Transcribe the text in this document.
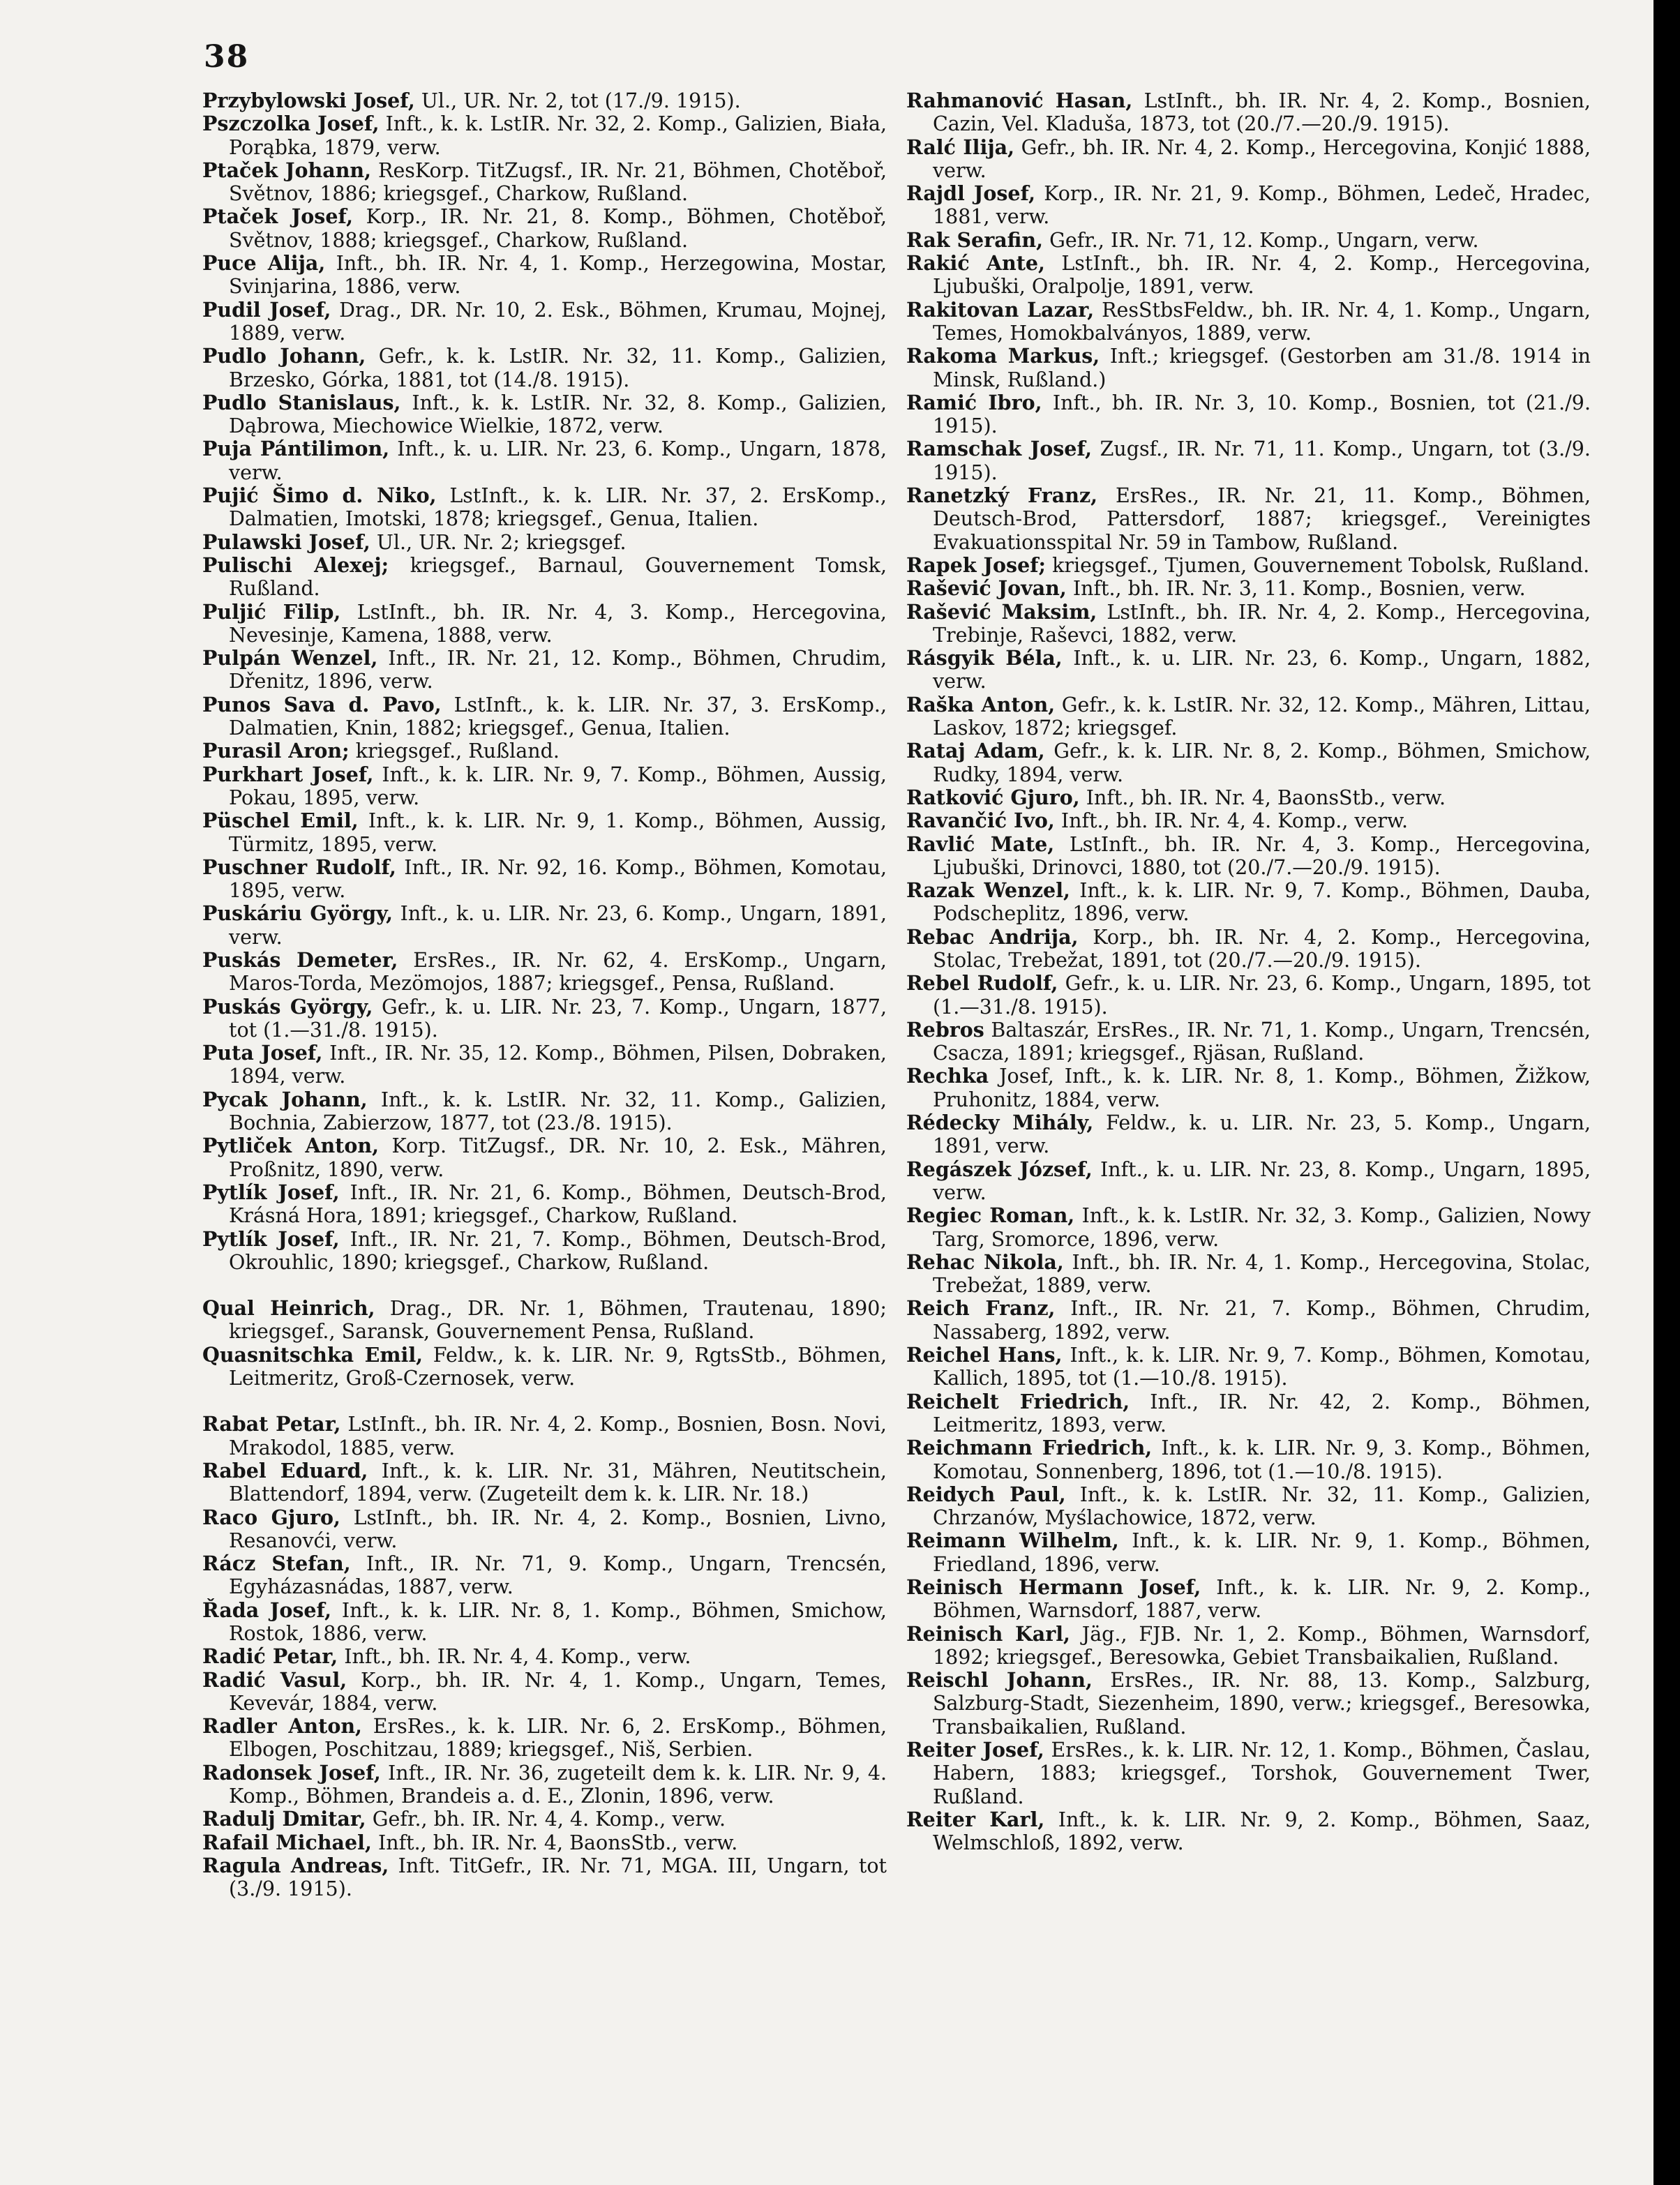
38

Przybylowski Josef, Ul., UR. Nr. 2, tot (17./9. 1915).

Pszczolka Josef, Inft., k. k. LstIR. Nr. 32, 2. Komp., Galizien, Biała, Porąbka, 1879, verw.

Ptaček Johann, ResKorp. TitZugsf., IR. Nr. 21, Böhmen, Chotěboř, Světnov, 1886; kriegsgef., Charkow, Rußland.

Ptaček Josef, Korp., IR. Nr. 21, 8. Komp., Böhmen, Chotěboř, Světnov, 1888; kriegsgef., Charkow, Rußland.

Puce Alija, Inft., bh. IR. Nr. 4, 1. Komp., Herzegowina, Mostar, Svinjarina, 1886, verw.

Pudil Josef, Drag., DR. Nr. 10, 2. Esk., Böhmen, Krumau, Mojnej, 1889, verw.

Pudlo Johann, Gefr., k. k. LstIR. Nr. 32, 11. Komp., Galizien, Brzesko, Górka, 1881, tot (14./8. 1915).

Pudlo Stanislaus, Inft., k. k. LstIR. Nr. 32, 8. Komp., Galizien, Dąbrowa, Miechowice Wielkie, 1872, verw.

Puja Pántilimon, Inft., k. u. LIR. Nr. 23, 6. Komp., Ungarn, 1878, verw.

Pujić Šimo d. Niko, LstInft., k. k. LIR. Nr. 37, 2. ErsKomp., Dalmatien, Imotski, 1878; kriegsgef., Genua, Italien.

Pulawski Josef, Ul., UR. Nr. 2; kriegsgef.

Pulischi Alexej; kriegsgef., Barnaul, Gouvernement Tomsk, Rußland.

Puljić Filip, LstInft., bh. IR. Nr. 4, 3. Komp., Hercegovina, Nevesinje, Kamena, 1888, verw.

Pulpán Wenzel, Inft., IR. Nr. 21, 12. Komp., Böhmen, Chrudim, Dřenitz, 1896, verw.

Punos Sava d. Pavo, LstInft., k. k. LIR. Nr. 37, 3. ErsKomp., Dalmatien, Knin, 1882; kriegsgef., Genua, Italien.

Purasil Aron; kriegsgef., Rußland.

Purkhart Josef, Inft., k. k. LIR. Nr. 9, 7. Komp., Böhmen, Aussig, Pokau, 1895, verw.

Püschel Emil, Inft., k. k. LIR. Nr. 9, 1. Komp., Böhmen, Aussig, Türmitz, 1895, verw.

Puschner Rudolf, Inft., IR. Nr. 92, 16. Komp., Böhmen, Komotau, 1895, verw.

Puskáriu György, Inft., k. u. LIR. Nr. 23, 6. Komp., Ungarn, 1891, verw.

Puskás Demeter, ErsRes., IR. Nr. 62, 4. ErsKomp., Ungarn, Maros-Torda, Mezömojos, 1887; kriegsgef., Pensa, Rußland.

Puskás György, Gefr., k. u. LIR. Nr. 23, 7. Komp., Ungarn, 1877, tot (1.—31./8. 1915).

Puta Josef, Inft., IR. Nr. 35, 12. Komp., Böhmen, Pilsen, Dobraken, 1894, verw.

Pycak Johann, Inft., k. k. LstIR. Nr. 32, 11. Komp., Galizien, Bochnia, Zabierzow, 1877, tot (23./8. 1915).

Pytliček Anton, Korp. TitZugsf., DR. Nr. 10, 2. Esk., Mähren, Proßnitz, 1890, verw.

Pytlík Josef, Inft., IR. Nr. 21, 6. Komp., Böhmen, Deutsch-Brod, Krásná Hora, 1891; kriegsgef., Charkow, Rußland.

Pytlík Josef, Inft., IR. Nr. 21, 7. Komp., Böhmen, Deutsch-Brod, Okrouhlic, 1890; kriegsgef., Charkow, Rußland.

Qual Heinrich, Drag., DR. Nr. 1, Böhmen, Trautenau, 1890; kriegsgef., Saransk, Gouvernement Pensa, Rußland.

Quasnitschka Emil, Feldw., k. k. LIR. Nr. 9, RgtsStb., Böhmen, Leitmeritz, Groß-Czernosek, verw.

Rabat Petar, LstInft., bh. IR. Nr. 4, 2. Komp., Bosnien, Bosn. Novi, Mrakodol, 1885, verw.

Rabel Eduard, Inft., k. k. LIR. Nr. 31, Mähren, Neutitschein, Blattendorf, 1894, verw. (Zugeteilt dem k. k. LIR. Nr. 18.)

Raco Gjuro, LstInft., bh. IR. Nr. 4, 2. Komp., Bosnien, Livno, Resanovći, verw.

Rácz Stefan, Inft., IR. Nr. 71, 9. Komp., Ungarn, Trencsén, Egyházasnádas, 1887, verw.

Řada Josef, Inft., k. k. LIR. Nr. 8, 1. Komp., Böhmen, Smichow, Rostok, 1886, verw.

Radić Petar, Inft., bh. IR. Nr. 4, 4. Komp., verw.

Radić Vasul, Korp., bh. IR. Nr. 4, 1. Komp., Ungarn, Temes, Kevevár, 1884, verw.

Radler Anton, ErsRes., k. k. LIR. Nr. 6, 2. ErsKomp., Böhmen, Elbogen, Poschitzau, 1889; kriegsgef., Niš, Serbien.

Radonsek Josef, Inft., IR. Nr. 36, zugeteilt dem k. k. LIR. Nr. 9, 4. Komp., Böhmen, Brandeis a. d. E., Zlonin, 1896, verw.

Radulj Dmitar, Gefr., bh. IR. Nr. 4, 4. Komp., verw.

Rafail Michael, Inft., bh. IR. Nr. 4, BaonsStb., verw.

Ragula Andreas, Inft. TitGefr., IR. Nr. 71, MGA. III, Ungarn, tot (3./9. 1915).

Rahmanović Hasan, LstInft., bh. IR. Nr. 4, 2. Komp., Bosnien, Cazin, Vel. Kladuša, 1873, tot (20./7.—20./9. 1915).

Ralć Ilija, Gefr., bh. IR. Nr. 4, 2. Komp., Hercegovina, Konjić 1888, verw.

Rajdl Josef, Korp., IR. Nr. 21, 9. Komp., Böhmen, Ledeč, Hradec, 1881, verw.

Rak Serafin, Gefr., IR. Nr. 71, 12. Komp., Ungarn, verw.

Rakić Ante, LstInft., bh. IR. Nr. 4, 2. Komp., Hercegovina, Ljubuški, Oralpolje, 1891, verw.

Rakitovan Lazar, ResStbsFeldw., bh. IR. Nr. 4, 1. Komp., Ungarn, Temes, Homokbalványos, 1889, verw.

Rakoma Markus, Inft.; kriegsgef. (Gestorben am 31./8. 1914 in Minsk, Rußland.)

Ramić Ibro, Inft., bh. IR. Nr. 3, 10. Komp., Bosnien, tot (21./9. 1915).

Ramschak Josef, Zugsf., IR. Nr. 71, 11. Komp., Ungarn, tot (3./9. 1915).

Ranetzký Franz, ErsRes., IR. Nr. 21, 11. Komp., Böhmen, Deutsch-Brod, Pattersdorf, 1887; kriegsgef., Vereinigtes Evakuationsspital Nr. 59 in Tambow, Rußland.

Rapek Josef; kriegsgef., Tjumen, Gouvernement Tobolsk, Rußland.

Rašević Jovan, Inft., bh. IR. Nr. 3, 11. Komp., Bosnien, verw.

Rašević Maksim, LstInft., bh. IR. Nr. 4, 2. Komp., Hercegovina, Trebinje, Raševci, 1882, verw.

Rásgyik Béla, Inft., k. u. LIR. Nr. 23, 6. Komp., Ungarn, 1882, verw.

Raška Anton, Gefr., k. k. LstIR. Nr. 32, 12. Komp., Mähren, Littau, Laskov, 1872; kriegsgef.

Rataj Adam, Gefr., k. k. LIR. Nr. 8, 2. Komp., Böhmen, Smichow, Rudky, 1894, verw.

Ratković Gjuro, Inft., bh. IR. Nr. 4, BaonsStb., verw.

Ravančić Ivo, Inft., bh. IR. Nr. 4, 4. Komp., verw.

Ravlić Mate, LstInft., bh. IR. Nr. 4, 3. Komp., Hercegovina, Ljubuški, Drinovci, 1880, tot (20./7.—20./9. 1915).

Razak Wenzel, Inft., k. k. LIR. Nr. 9, 7. Komp., Böhmen, Dauba, Podscheplitz, 1896, verw.

Rebac Andrija, Korp., bh. IR. Nr. 4, 2. Komp., Hercegovina, Stolac, Trebežat, 1891, tot (20./7.—20./9. 1915).

Rebel Rudolf, Gefr., k. u. LIR. Nr. 23, 6. Komp., Ungarn, 1895, tot (1.—31./8. 1915).

Rebros Baltaszár, ErsRes., IR. Nr. 71, 1. Komp., Ungarn, Trencsén, Csacza, 1891; kriegsgef., Rjäsan, Rußland.

Rechka Josef, Inft., k. k. LIR. Nr. 8, 1. Komp., Böhmen, Žižkow, Pruhonitz, 1884, verw.

Rédecky Mihály, Feldw., k. u. LIR. Nr. 23, 5. Komp., Ungarn, 1891, verw.

Regászek József, Inft., k. u. LIR. Nr. 23, 8. Komp., Ungarn, 1895, verw.

Regiec Roman, Inft., k. k. LstIR. Nr. 32, 3. Komp., Galizien, Nowy Targ, Sromorce, 1896, verw.

Rehac Nikola, Inft., bh. IR. Nr. 4, 1. Komp., Hercegovina, Stolac, Trebežat, 1889, verw.

Reich Franz, Inft., IR. Nr. 21, 7. Komp., Böhmen, Chrudim, Nassaberg, 1892, verw.

Reichel Hans, Inft., k. k. LIR. Nr. 9, 7. Komp., Böhmen, Komotau, Kallich, 1895, tot (1.—10./8. 1915).

Reichelt Friedrich, Inft., IR. Nr. 42, 2. Komp., Böhmen, Leitmeritz, 1893, verw.

Reichmann Friedrich, Inft., k. k. LIR. Nr. 9, 3. Komp., Böhmen, Komotau, Sonnenberg, 1896, tot (1.—10./8. 1915).

Reidych Paul, Inft., k. k. LstIR. Nr. 32, 11. Komp., Galizien, Chrzanów, Myślachowice, 1872, verw.

Reimann Wilhelm, Inft., k. k. LIR. Nr. 9, 1. Komp., Böhmen, Friedland, 1896, verw.

Reinisch Hermann Josef, Inft., k. k. LIR. Nr. 9, 2. Komp., Böhmen, Warnsdorf, 1887, verw.

Reinisch Karl, Jäg., FJB. Nr. 1, 2. Komp., Böhmen, Warnsdorf, 1892; kriegsgef., Beresowka, Gebiet Transbaikalien, Rußland.

Reischl Johann, ErsRes., IR. Nr. 88, 13. Komp., Salzburg, Salzburg-Stadt, Siezenheim, 1890, verw.; kriegsgef., Beresowka, Transbaikalien, Rußland.

Reiter Josef, ErsRes., k. k. LIR. Nr. 12, 1. Komp., Böhmen, Časlau, Habern, 1883; kriegsgef., Torshok, Gouvernement Twer, Rußland.

Reiter Karl, Inft., k. k. LIR. Nr. 9, 2. Komp., Böhmen, Saaz, Welmschloß, 1892, verw.
